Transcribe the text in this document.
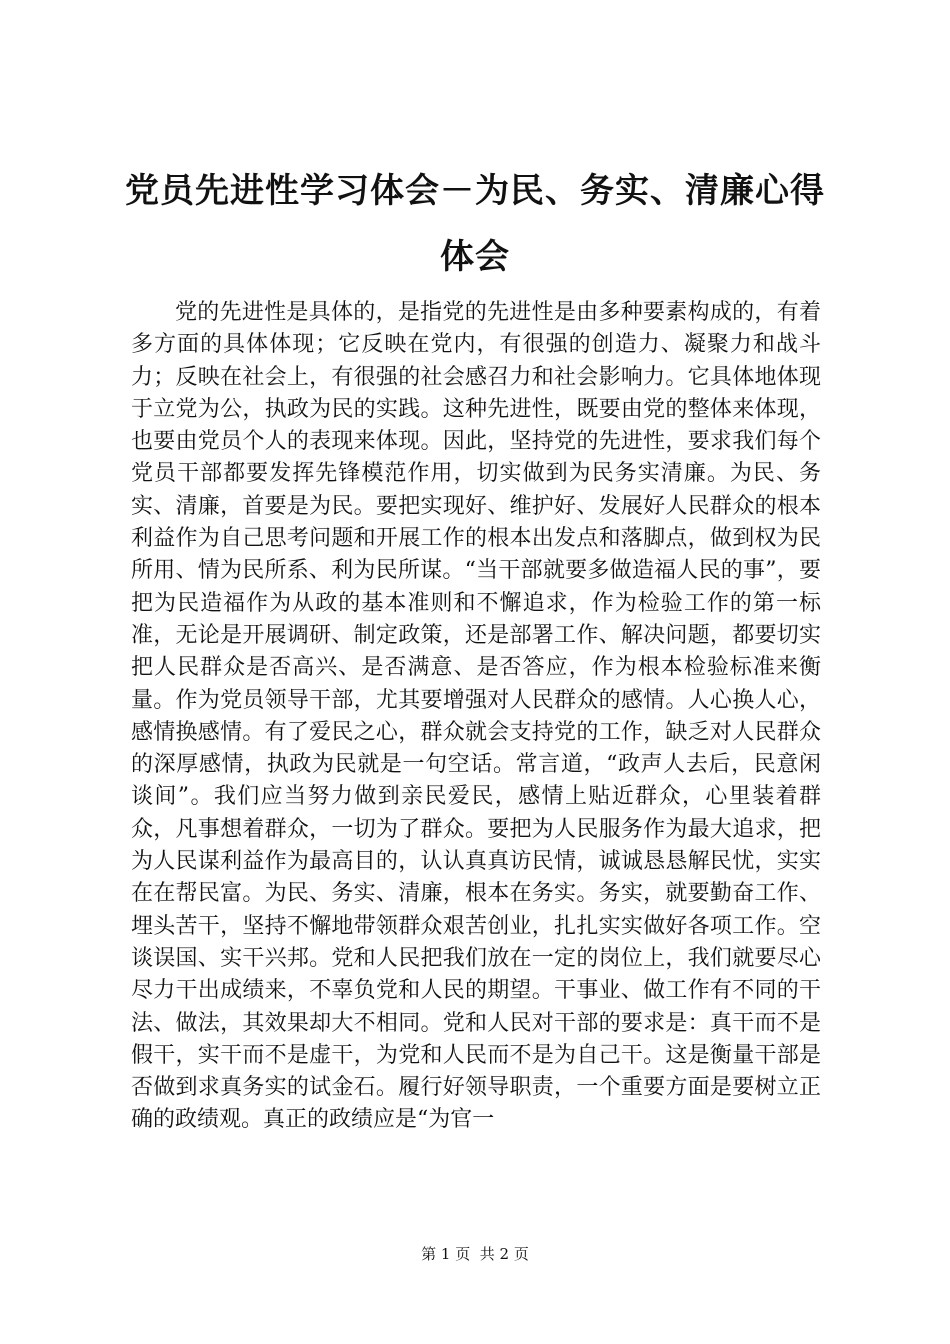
党员先进性学习体会－为民、务实、清廉心得体会

党的先进性是具体的，是指党的先进性是由多种要素构成的，有着多方面的具体体现；它反映在党内，有很强的创造力、凝聚力和战斗力；反映在社会上，有很强的社会感召力和社会影响力。它具体地体现于立党为公，执政为民的实践。这种先进性，既要由党的整体来体现，也要由党员个人的表现来体现。因此，坚持党的先进性，要求我们每个党员干部都要发挥先锋模范作用，切实做到为民务实清廉。为民、务实、清廉，首要是为民。要把实现好、维护好、发展好人民群众的根本利益作为自己思考问题和开展工作的根本出发点和落脚点，做到权为民所用、情为民所系、利为民所谋。“当干部就要多做造福人民的事”，要把为民造福作为从政的基本准则和不懈追求，作为检验工作的第一标准，无论是开展调研、制定政策，还是部署工作、解决问题，都要切实把人民群众是否高兴、是否满意、是否答应，作为根本检验标准来衡量。作为党员领导干部，尤其要增强对人民群众的感情。人心换人心，感情换感情。有了爱民之心，群众就会支持党的工作，缺乏对人民群众的深厚感情，执政为民就是一句空话。常言道，“政声人去后，民意闲谈间”。我们应当努力做到亲民爱民，感情上贴近群众，心里装着群众，凡事想着群众，一切为了群众。要把为人民服务作为最大追求，把为人民谋利益作为最高目的，认认真真访民情，诚诚恳恳解民忧，实实在在帮民富。为民、务实、清廉，根本在务实。务实，就要勤奋工作、埋头苦干，坚持不懈地带领群众艰苦创业，扎扎实实做好各项工作。空谈误国、实干兴邦。党和人民把我们放在一定的岗位上，我们就要尽心尽力干出成绩来，不辜负党和人民的期望。干事业、做工作有不同的干法、做法，其效果却大不相同。党和人民对干部的要求是：真干而不是假干，实干而不是虚干，为党和人民而不是为自己干。这是衡量干部是否做到求真务实的试金石。履行好领导职责，一个重要方面是要树立正确的政绩观。真正的政绩应是“为官一

第 1 页 共 2 页
